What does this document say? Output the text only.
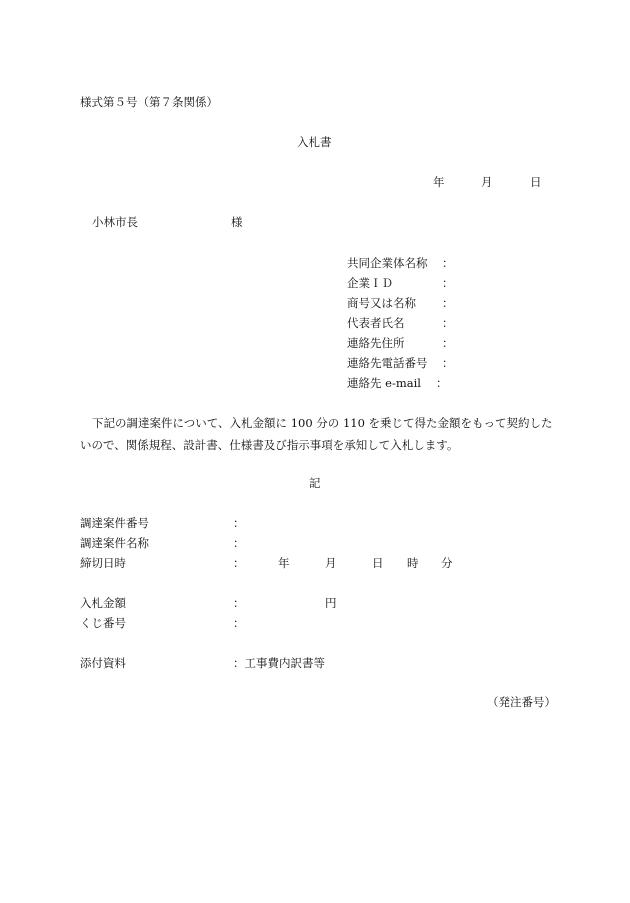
様式第５号（第７条関係）
入札書
年	月	日
小林市長	様
共同企業体名称 ：
企業ＩＤ	：
商号又は名称 ：
代表者氏名	：
連絡先住所	：
連絡先電話番号 ：
連絡先 e-mail ：
下記の調達案件について、入札金額に 100 分の 110 を乗じて得た金額をもって契約した
いので、関係規程、設計書、仕様書及び指示事項を承知して入札します。
記
調達案件番号	：
調達案件名称	：
締切日時	：	年	月	日 時 分
入札金額	：	円
くじ番号	：
添付資料	：工事費内訳書等
（発注番号）
